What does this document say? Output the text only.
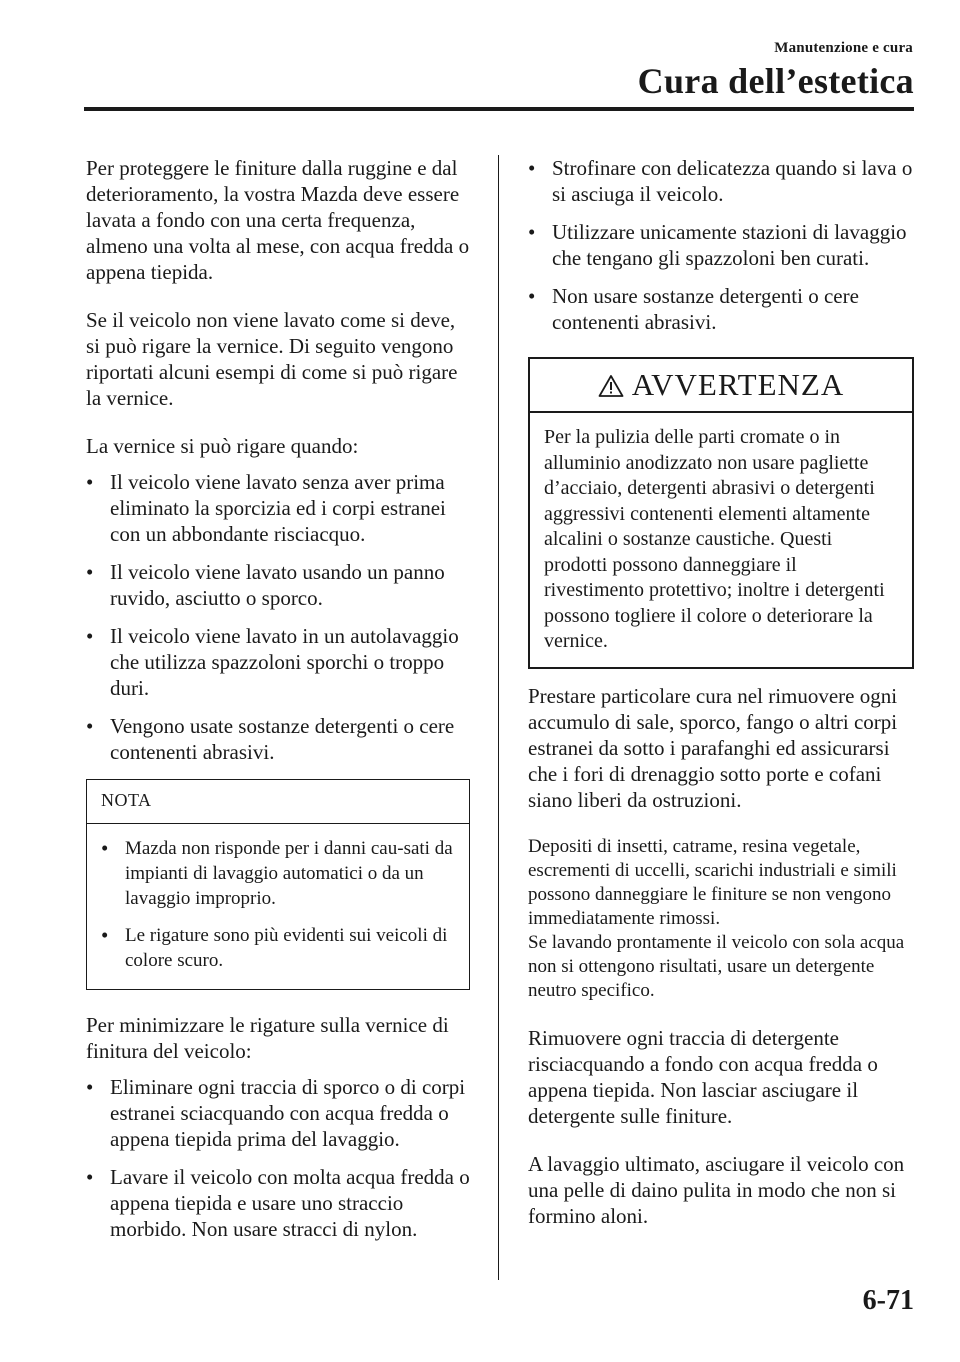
Manutenzione e cura
Cura dell’estetica

Per proteggere le finiture dalla ruggine e dal deterioramento, la vostra Mazda deve essere lavata a fondo con una certa frequenza, almeno una volta al mese, con acqua fredda o appena tiepida.

Se il veicolo non viene lavato come si deve, si può rigare la vernice. Di seguito vengono riportati alcuni esempi di come si può rigare la vernice.

La vernice si può rigare quando:

• Il veicolo viene lavato senza aver prima eliminato la sporcizia ed i corpi estranei con un abbondante risciacquo.
• Il veicolo viene lavato usando un panno ruvido, asciutto o sporco.
• Il veicolo viene lavato in un autolavaggio che utilizza spazzoloni sporchi o troppo duri.
• Vengono usate sostanze detergenti o cere contenenti abrasivi.
NOTA
• Mazda non risponde per i danni cau-sati da impianti di lavaggio automatici o da un lavaggio improprio.
• Le rigature sono più evidenti sui veicoli di colore scuro.

Per minimizzare le rigature sulla vernice di finitura del veicolo:

• Eliminare ogni traccia di sporco o di corpi estranei sciacquando con acqua fredda o appena tiepida prima del lavaggio.
• Lavare il veicolo con molta acqua fredda o appena tiepida e usare uno straccio morbido. Non usare stracci di nylon.
• Strofinare con delicatezza quando si lava o si asciuga il veicolo.
• Utilizzare unicamente stazioni di lavaggio che tengano gli spazzoloni ben curati.
• Non usare sostanze detergenti o cere contenenti abrasivi.
AVVERTENZA

Per la pulizia delle parti cromate o in alluminio anodizzato non usare pagliette d’acciaio, detergenti abrasivi o detergenti aggressivi contenenti elementi altamente alcalini o sostanze caustiche. Questi prodotti possono danneggiare il rivestimento protettivo; inoltre i detergenti possono togliere il colore o deteriorare la vernice.

Prestare particolare cura nel rimuovere ogni accumulo di sale, sporco, fango o altri corpi estranei da sotto i parafanghi ed assicurarsi che i fori di drenaggio sotto porte e cofani siano liberi da ostruzioni.

Depositi di insetti, catrame, resina vegetale, escrementi di uccelli, scarichi industriali e simili possono danneggiare le finiture se non vengono immediatamente rimossi.

Se lavando prontamente il veicolo con sola acqua non si ottengono risultati, usare un detergente neutro specifico.

Rimuovere ogni traccia di detergente risciacquando a fondo con acqua fredda o appena tiepida. Non lasciar asciugare il detergente sulle finiture.

A lavaggio ultimato, asciugare il veicolo con una pelle di daino pulita in modo che non si formino aloni.

6-71
